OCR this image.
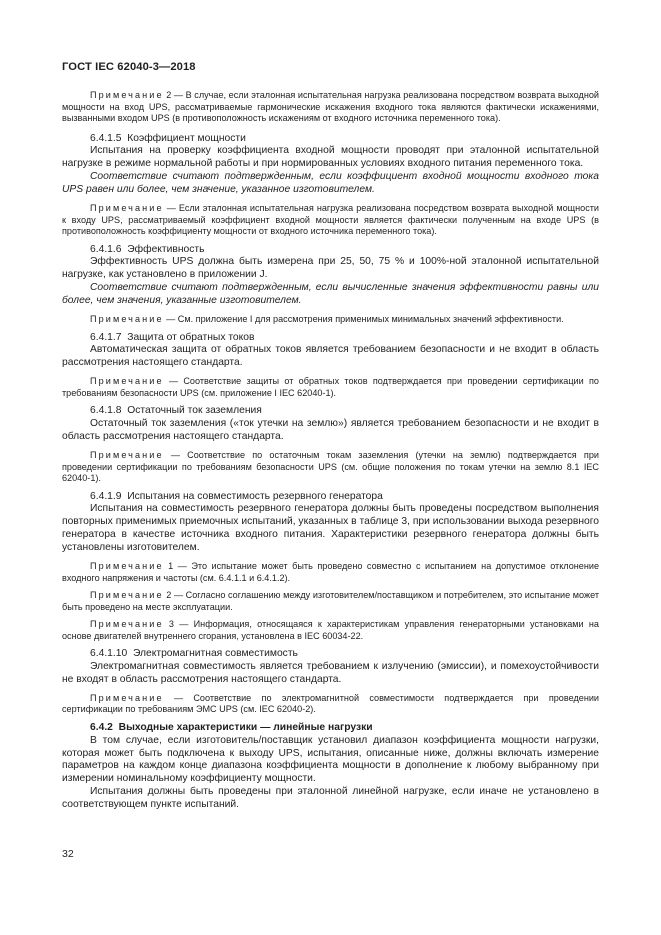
ГОСТ IEC 62040-3—2018

Примечание 2 — В случае, если эталонная испытательная нагрузка реализована посредством возврата выходной мощности на вход UPS, рассматриваемые гармонические искажения входного тока являются фактически искажениями, вызванными входом UPS (в противоположность искажениям от входного источника переменного тока).

6.4.1.5 Коэффициент мощности

Испытания на проверку коэффициента входной мощности проводят при эталонной испытательной нагрузке в режиме нормальной работы и при нормированных условиях входного питания переменного тока.

Соответствие считают подтвержденным, если коэффициент входной мощности входного тока UPS равен или более, чем значение, указанное изготовителем.

Примечание — Если эталонная испытательная нагрузка реализована посредством возврата выходной мощности к входу UPS, рассматриваемый коэффициент входной мощности является фактически полученным на входе UPS (в противоположность коэффициенту мощности от входного источника переменного тока).

6.4.1.6 Эффективность

Эффективность UPS должна быть измерена при 25, 50, 75 % и 100%-ной эталонной испытательной нагрузке, как установлено в приложении J.

Соответствие считают подтвержденным, если вычисленные значения эффективности равны или более, чем значения, указанные изготовителем.

Примечание — См. приложение I для рассмотрения применимых минимальных значений эффективности.

6.4.1.7 Защита от обратных токов

Автоматическая защита от обратных токов является требованием безопасности и не входит в область рассмотрения настоящего стандарта.

Примечание — Соответствие защиты от обратных токов подтверждается при проведении сертификации по требованиям безопасности UPS (см. приложение I IEC 62040-1).

6.4.1.8 Остаточный ток заземления

Остаточный ток заземления («ток утечки на землю») является требованием безопасности и не входит в область рассмотрения настоящего стандарта.

Примечание — Соответствие по остаточным токам заземления (утечки на землю) подтверждается при проведении сертификации по требованиям безопасности UPS (см. общие положения по токам утечки на землю 8.1 IEC 62040-1).

6.4.1.9 Испытания на совместимость резервного генератора

Испытания на совместимость резервного генератора должны быть проведены посредством выполнения повторных применимых приемочных испытаний, указанных в таблице 3, при использовании выхода резервного генератора в качестве источника входного питания. Характеристики резервного генератора должны быть установлены изготовителем.

Примечание 1 — Это испытание может быть проведено совместно с испытанием на допустимое отклонение входного напряжения и частоты (см. 6.4.1.1 и 6.4.1.2).

Примечание 2 — Согласно соглашению между изготовителем/поставщиком и потребителем, это испытание может быть проведено на месте эксплуатации.

Примечание 3 — Информация, относящаяся к характеристикам управления генераторными установками на основе двигателей внутреннего сгорания, установлена в IEC 60034-22.

6.4.1.10 Электромагнитная совместимость

Электромагнитная совместимость является требованием к излучению (эмиссии), и помехоустойчивости не входят в область рассмотрения настоящего стандарта.

Примечание — Соответствие по электромагнитной совместимости подтверждается при проведении сертификации по требованиям ЭМС UPS (см. IEC 62040-2).

6.4.2 Выходные характеристики — линейные нагрузки

В том случае, если изготовитель/поставщик установил диапазон коэффициента мощности нагрузки, которая может быть подключена к выходу UPS, испытания, описанные ниже, должны включать измерение параметров на каждом конце диапазона коэффициента мощности в дополнение к любому выбранному при измерении номинальному коэффициенту мощности.

Испытания должны быть проведены при эталонной линейной нагрузке, если иначе не установлено в соответствующем пункте испытаний.

32
